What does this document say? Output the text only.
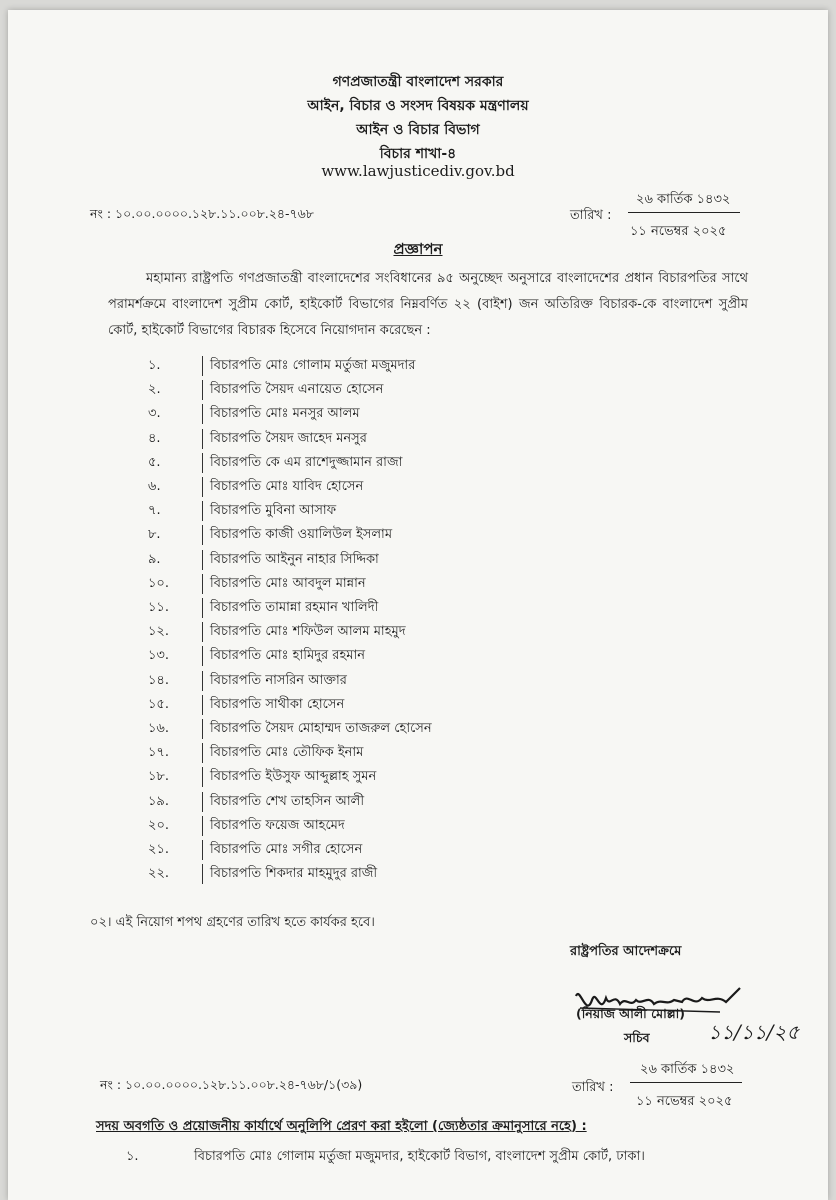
গণপ্রজাতন্ত্রী বাংলাদেশ সরকার
আইন, বিচার ও সংসদ বিষয়ক মন্ত্রণালয়
আইন ও বিচার বিভাগ
বিচার শাখা-৪
www.lawjusticediv.gov.bd
নং : ১০.০০.০০০০.১২৮.১১.০০৮.২৪-৭৬৮	তারিখ :
২৬ কার্তিক ১৪৩২
১১ নভেম্বর ২০২৫
প্রজ্ঞাপন

মহামান্য রাষ্ট্রপতি গণপ্রজাতন্ত্রী বাংলাদেশের সংবিধানের ৯৫ অনুচ্ছেদ অনুসারে বাংলাদেশের প্রধান বিচারপতির সাথে পরামর্শক্রমে বাংলাদেশ সুপ্রীম কোর্ট, হাইকোর্ট বিভাগের নিম্নবর্ণিত ২২ (বাইশ) জন অতিরিক্ত বিচারক-কে বাংলাদেশ সুপ্রীম কোর্ট, হাইকোর্ট বিভাগের বিচারক হিসেবে নিয়োগদান করেছেন :

১.	বিচারপতি মোঃ গোলাম মর্তুজা মজুমদার
২.	বিচারপতি সৈয়দ এনায়েত হোসেন
৩.	বিচারপতি মোঃ মনসুর আলম
৪.	বিচারপতি সৈয়দ জাহেদ মনসুর
৫.	বিচারপতি কে এম রাশেদুজ্জামান রাজা
৬.	বিচারপতি মোঃ যাবিদ হোসেন
৭.	বিচারপতি মুবিনা আসাফ
৮.	বিচারপতি কাজী ওয়ালিউল ইসলাম
৯.	বিচারপতি আইনুন নাহার সিদ্দিকা
১০.	বিচারপতি মোঃ আবদুল মান্নান
১১.	বিচারপতি তামান্না রহমান খালিদী
১২.	বিচারপতি মোঃ শফিউল আলম মাহমুদ
১৩.	বিচারপতি মোঃ হামিদুর রহমান
১৪.	বিচারপতি নাসরিন আক্তার
১৫.	বিচারপতি সাথীকা হোসেন
১৬.	বিচারপতি সৈয়দ মোহাম্মদ তাজরুল হোসেন
১৭.	বিচারপতি মোঃ তৌফিক ইনাম
১৮.	বিচারপতি ইউসুফ আব্দুল্লাহ সুমন
১৯.	বিচারপতি শেখ তাহসিন আলী
২০.	বিচারপতি ফয়েজ আহমেদ
২১.	বিচারপতি মোঃ সগীর হোসেন
২২.	বিচারপতি শিকদার মাহমুদুর রাজী
০২। এই নিয়োগ শপথ গ্রহণের তারিখ হতে কার্যকর হবে।
রাষ্ট্রপতির আদেশক্রমে
(নিয়াজ আলী মোল্লা)
সচিব	১১/১১/২৫
নং : ১০.০০.০০০০.১২৮.১১.০০৮.২৪-৭৬৮/১(৩৯)	তারিখ :
২৬ কার্তিক ১৪৩২
১১ নভেম্বর ২০২৫
সদয় অবগতি ও প্রয়োজনীয় কার্যার্থে অনুলিপি প্রেরণ করা হইলো (জ্যেষ্ঠতার ক্রমানুসারে নহে) :
১.	বিচারপতি মোঃ গোলাম মর্তুজা মজুমদার, হাইকোর্ট বিভাগ, বাংলাদেশ সুপ্রীম কোর্ট, ঢাকা।
